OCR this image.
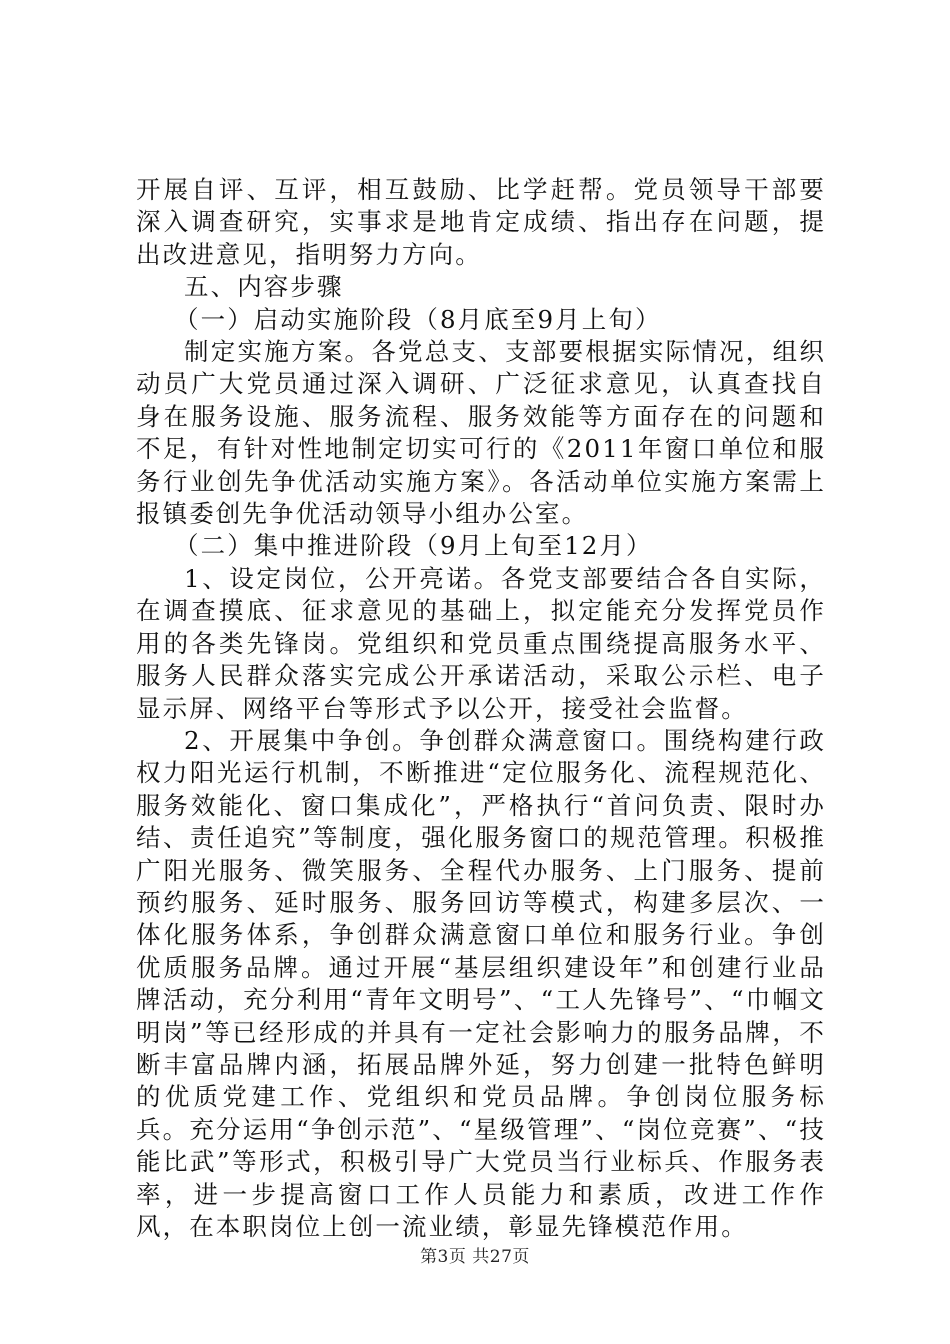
开展自评、互评，相互鼓励、比学赶帮。党员领导干部要深入调查研究，实事求是地肯定成绩、指出存在问题，提出改进意见，指明努力方向。

五、内容步骤

（一）启动实施阶段（8月底至9月上旬）

制定实施方案。各党总支、支部要根据实际情况，组织动员广大党员通过深入调研、广泛征求意见，认真查找自身在服务设施、服务流程、服务效能等方面存在的问题和不足，有针对性地制定切实可行的《2011年窗口单位和服务行业创先争优活动实施方案》。各活动单位实施方案需上报镇委创先争优活动领导小组办公室。

（二）集中推进阶段（9月上旬至12月）

1、设定岗位，公开亮诺。各党支部要结合各自实际，在调查摸底、征求意见的基础上，拟定能充分发挥党员作用的各类先锋岗。党组织和党员重点围绕提高服务水平、服务人民群众落实完成公开承诺活动，采取公示栏、电子显示屏、网络平台等形式予以公开，接受社会监督。

2、开展集中争创。争创群众满意窗口。围绕构建行政权力阳光运行机制，不断推进“定位服务化、流程规范化、服务效能化、窗口集成化”，严格执行“首问负责、限时办结、责任追究”等制度，强化服务窗口的规范管理。积极推广阳光服务、微笑服务、全程代办服务、上门服务、提前预约服务、延时服务、服务回访等模式，构建多层次、一体化服务体系，争创群众满意窗口单位和服务行业。争创优质服务品牌。通过开展“基层组织建设年”和创建行业品牌活动，充分利用“青年文明号”、“工人先锋号”、“巾帼文明岗”等已经形成的并具有一定社会影响力的服务品牌，不断丰富品牌内涵，拓展品牌外延，努力创建一批特色鲜明的优质党建工作、党组织和党员品牌。争创岗位服务标兵。充分运用“争创示范”、“星级管理”、“岗位竞赛”、“技能比武”等形式，积极引导广大党员当行业标兵、作服务表率，进一步提高窗口工作人员能力和素质，改进工作作风，在本职岗位上创一流业绩，彰显先锋模范作用。

第3页 共27页
